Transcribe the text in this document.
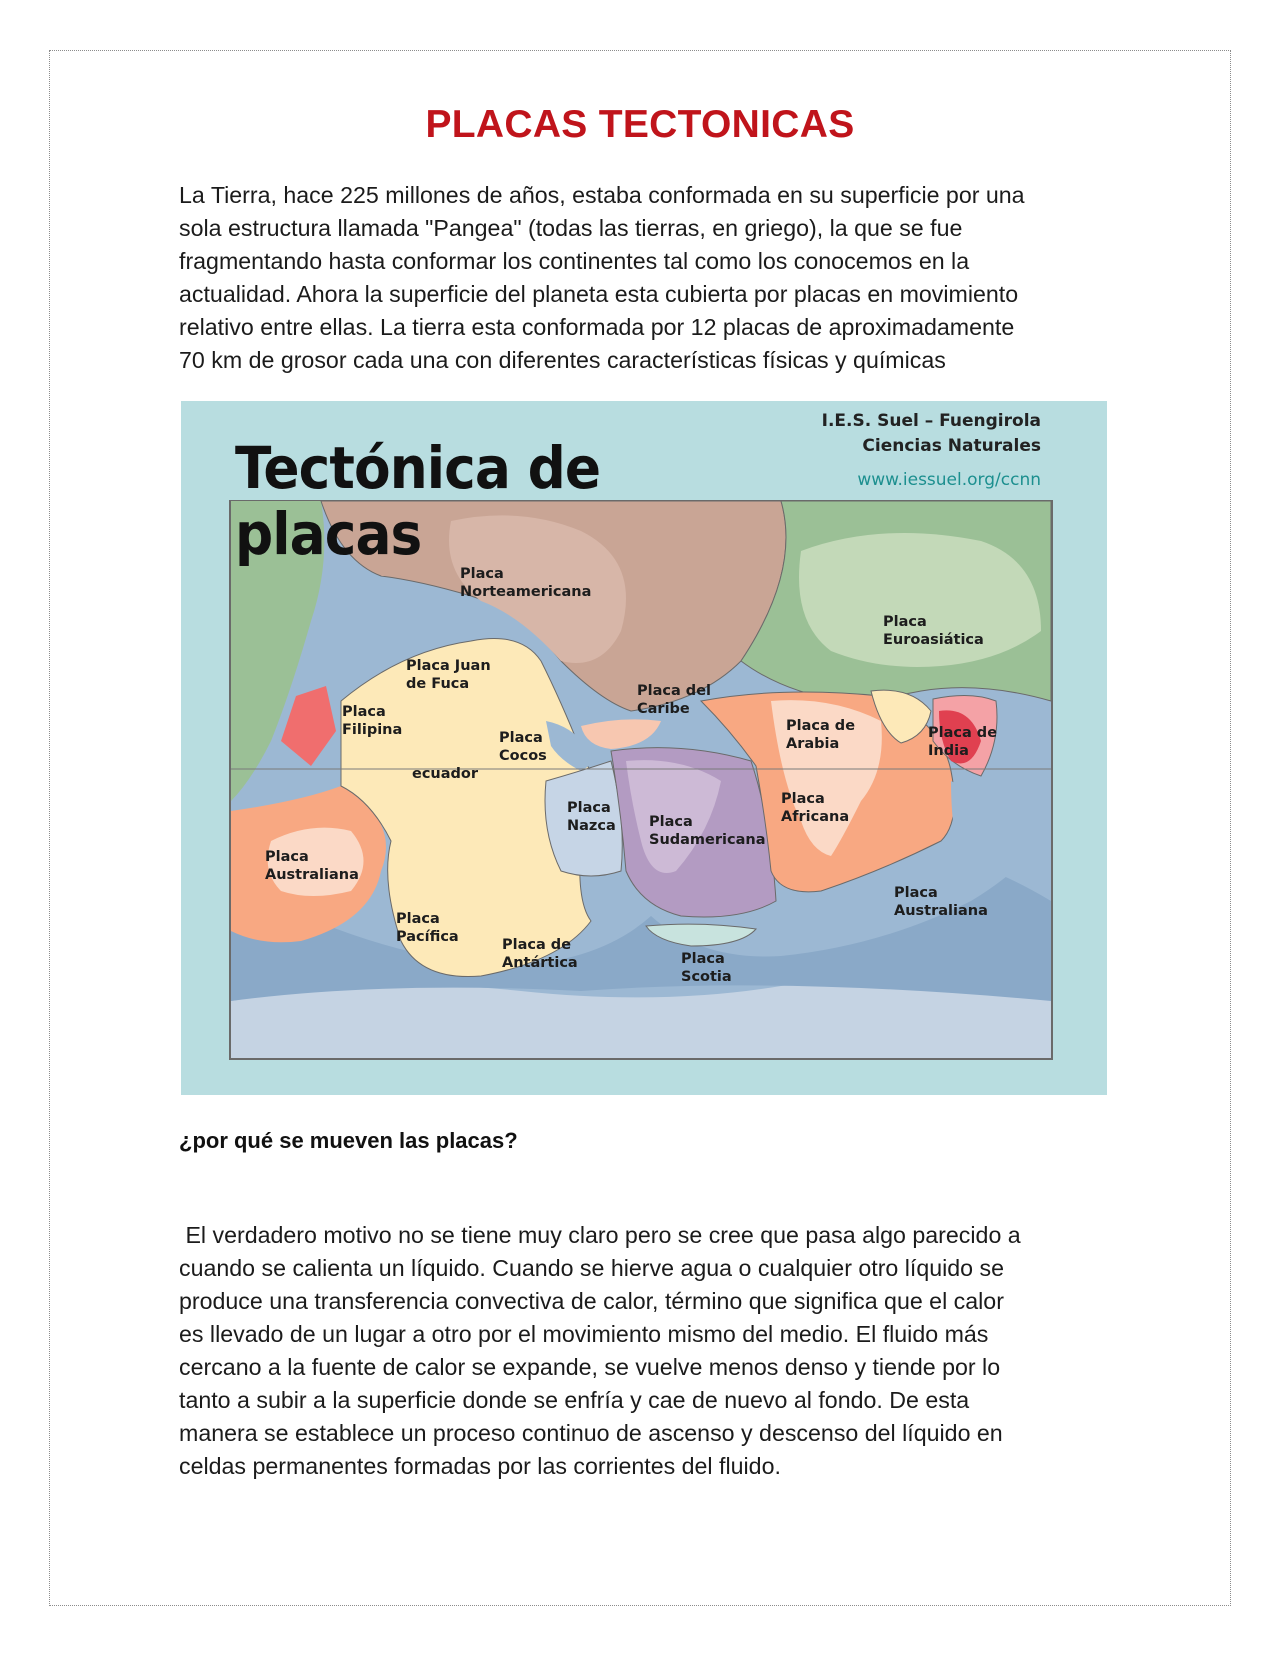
PLACAS TECTONICAS

La Tierra, hace 225 millones de años, estaba conformada en su superficie por una
sola estructura llamada "Pangea" (todas las tierras, en griego), la que se fue
fragmentando hasta conformar los continentes tal como los conocemos en la
actualidad. Ahora la superficie del planeta esta cubierta por placas en movimiento
relativo entre ellas. La tierra esta conformada por 12 placas de aproximadamente
70 km de grosor cada una con diferentes características físicas y químicas

Tectónica de
placas
I.E.S. Suel – Fuengirola
Ciencias Naturales
www.iessuel.org/ccnn
Placa
Norteamericana
Placa Juan
de Fuca
Placa
Filipina	Placa
Cocos
ecuador
Placa del
Caribe
Placa
Euroasiática
Placa de
Arabia
Placa de
India
Placa
Nazca Placa
Sudamericana
Placa
Africana
Placa
Australiana
Placa
Australiana
Placa
Pacífica	Placa de
Antártica	Placa
Scotia
¿por qué se mueven las placas?

El verdadero motivo no se tiene muy claro pero se cree que pasa algo parecido a
cuando se calienta un líquido. Cuando se hierve agua o cualquier otro líquido se
produce una transferencia convectiva de calor, término que significa que el calor
es llevado de un lugar a otro por el movimiento mismo del medio. El fluido más
cercano a la fuente de calor se expande, se vuelve menos denso y tiende por lo
tanto a subir a la superficie donde se enfría y cae de nuevo al fondo. De esta
manera se establece un proceso continuo de ascenso y descenso del líquido en
celdas permanentes formadas por las corrientes del fluido.
